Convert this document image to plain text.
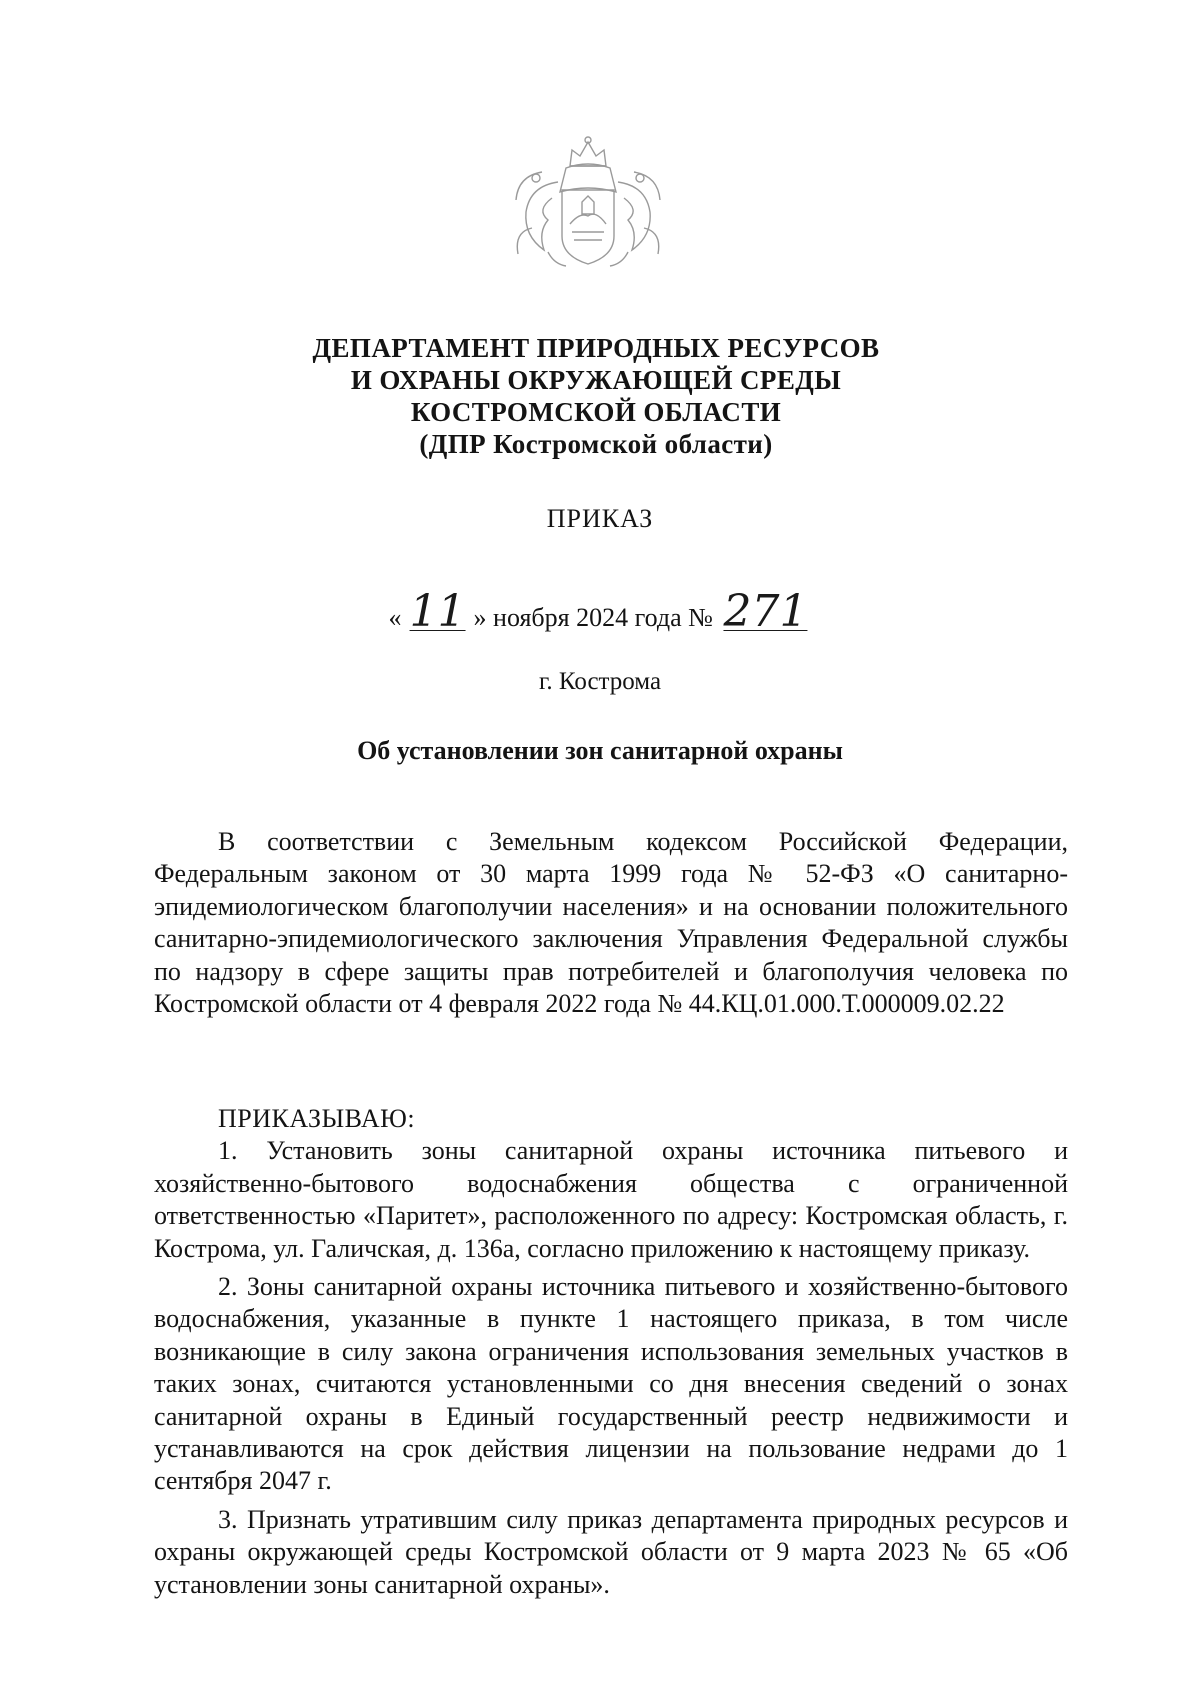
ДЕПАРТАМЕНТ ПРИРОДНЫХ РЕСУРСОВ
И ОХРАНЫ ОКРУЖАЮЩЕЙ СРЕДЫ
КОСТРОМСКОЙ ОБЛАСТИ
(ДПР Костромской области)
ПРИКАЗ
« 11 » ноября 2024 года № 271
г. Кострома
Об установлении зон санитарной охраны
В соответствии с Земельным кодексом Российской Федерации, Федеральным законом от 30 марта 1999 года № 52-ФЗ «О санитарно-эпидемиологическом благополучии населения» и на основании положительного санитарно-эпидемиологического заключения Управления Федеральной службы по надзору в сфере защиты прав потребителей и благополучия человека по Костромской области от 4 февраля 2022 года № 44.КЦ.01.000.Т.000009.02.22
ПРИКАЗЫВАЮ:
1. Установить зоны санитарной охраны источника питьевого и хозяйственно-бытового водоснабжения общества с ограниченной ответственностью «Паритет», расположенного по адресу: Костромская область, г. Кострома, ул. Галичская, д. 136а, согласно приложению к настоящему приказу.
2. Зоны санитарной охраны источника питьевого и хозяйственно-бытового водоснабжения, указанные в пункте 1 настоящего приказа, в том числе возникающие в силу закона ограничения использования земельных участков в таких зонах, считаются установленными со дня внесения сведений о зонах санитарной охраны в Единый государственный реестр недвижимости и устанавливаются на срок действия лицензии на пользование недрами до 1 сентября 2047 г.
3. Признать утратившим силу приказ департамента природных ресурсов и охраны окружающей среды Костромской области от 9 марта 2023 № 65 «Об установлении зоны санитарной охраны».
